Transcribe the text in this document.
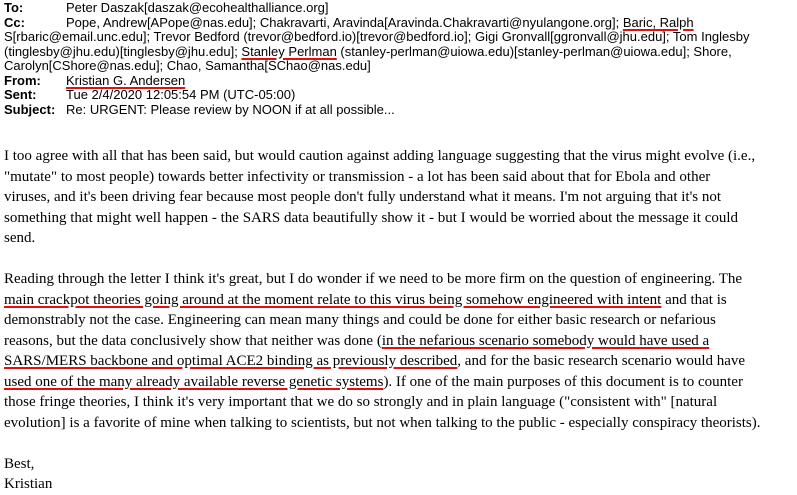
To:	Peter Daszak[daszak@ecohealthalliance.org]
Cc:	Pope, Andrew[APope@nas.edu]; Chakravarti, Aravinda[Aravinda.Chakravarti@nyulangone.org]; Baric, Ralph
S[rbaric@email.unc.edu]; Trevor Bedford (trevor@bedford.io)[trevor@bedford.io]; Gigi Gronvall[ggronvall@jhu.edu]; Tom Inglesby
(tinglesby@jhu.edu)[tinglesby@jhu.edu]; Stanley Perlman (stanley-perlman@uiowa.edu)[stanley-perlman@uiowa.edu]; Shore,
Carolyn[CShore@nas.edu]; Chao, Samantha[SChao@nas.edu]
From:	Kristian G. Andersen
Sent:	Tue 2/4/2020 12:05:54 PM (UTC-05:00)
Subject: Re: URGENT: Please review by NOON if at all possible...
I too agree with all that has been said, but would caution against adding language suggesting that the virus might evolve (i.e.,
"mutate" to most people) towards better infectivity or transmission - a lot has been said about that for Ebola and other
viruses, and it's been driving fear because most people don't fully understand what it means. I'm not arguing that it's not
something that might well happen - the SARS data beautifully show it - but I would be worried about the message it could
send.
Reading through the letter I think it's great, but I do wonder if we need to be more firm on the question of engineering. The
main crackpot theories going around at the moment relate to this virus being somehow engineered with intent and that is
demonstrably not the case. Engineering can mean many things and could be done for either basic research or nefarious
reasons, but the data conclusively show that neither was done (in the nefarious scenario somebody would have used a
SARS/MERS backbone and optimal ACE2 binding as previously described, and for the basic research scenario would have
used one of the many already available reverse genetic systems). If one of the main purposes of this document is to counter
those fringe theories, I think it's very important that we do so strongly and in plain language ("consistent with" [natural
evolution] is a favorite of mine when talking to scientists, but not when talking to the public - especially conspiracy theorists).
Best,
Kristian
